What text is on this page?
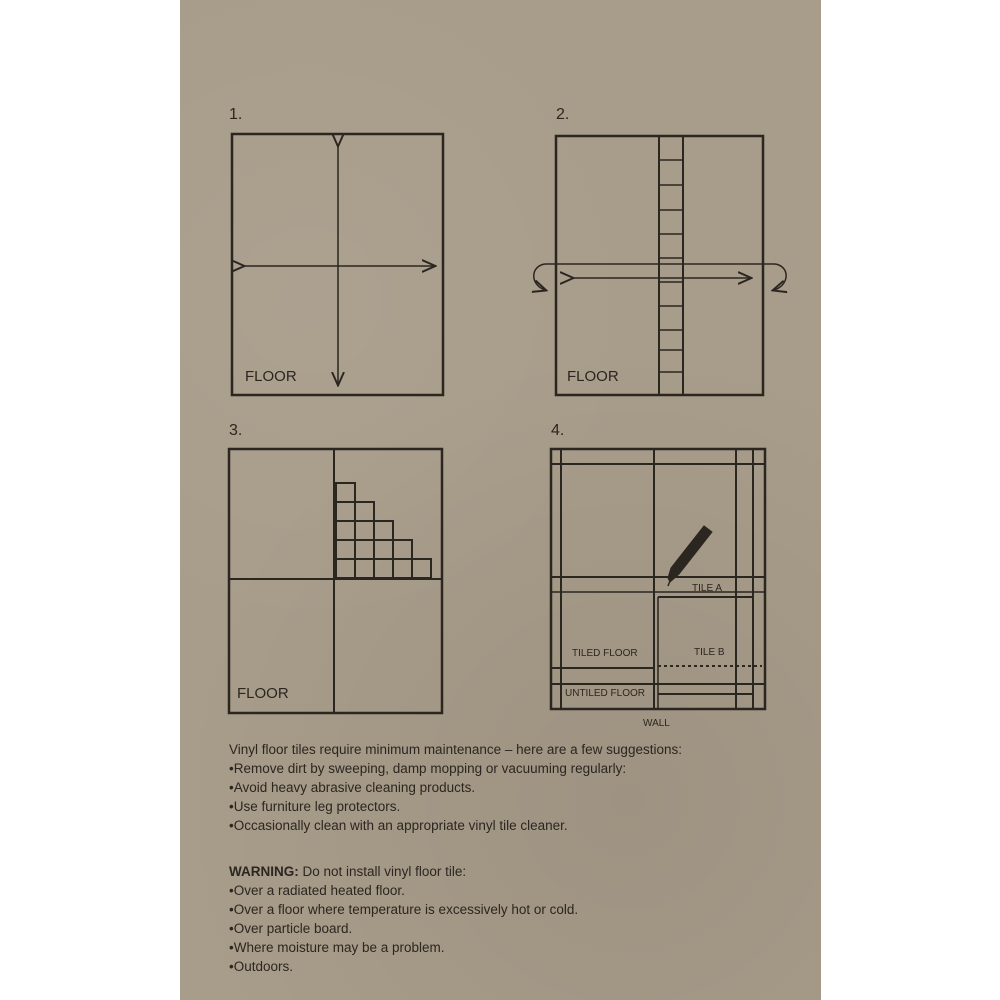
1.	2.
3.	4.
FLOOR	FLOOR
FLOOR
TILE A
TILE B
TILED FLOOR
UNTILED FLOOR
WALL

Vinyl floor tiles require minimum maintenance – here are a few suggestions:

•Remove dirt by sweeping, damp mopping or vacuuming regularly:

•Avoid heavy abrasive cleaning products.

•Use furniture leg protectors.

•Occasionally clean with an appropriate vinyl tile cleaner.

WARNING: Do not install vinyl floor tile:

•Over a radiated heated floor.

•Over a floor where temperature is excessively hot or cold.

•Over particle board.

•Where moisture may be a problem.

•Outdoors.
